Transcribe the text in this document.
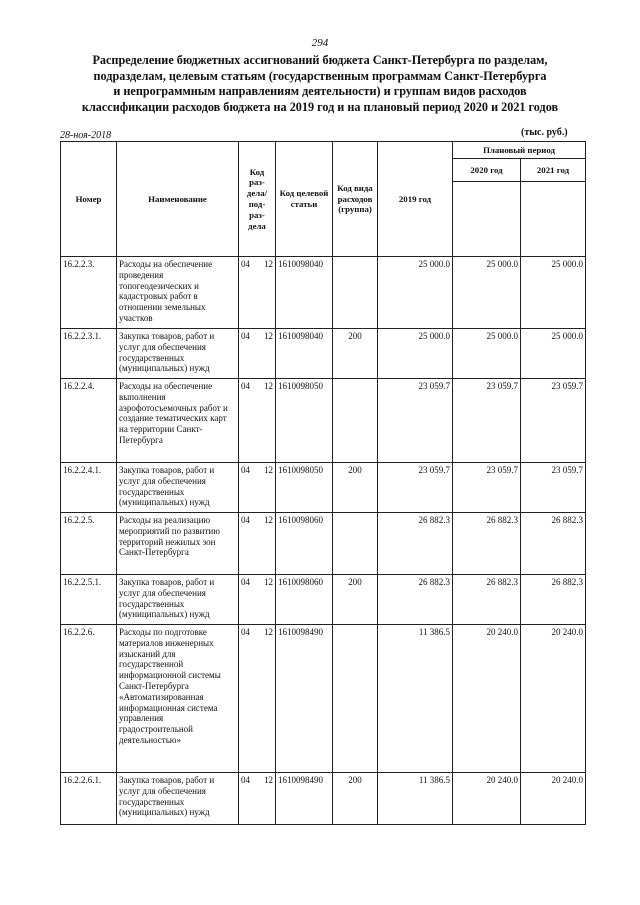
294
Распределение бюджетных ассигнований бюджета Санкт-Петербурга по разделам,
подразделам, целевым статьям (государственным программам Санкт-Петербурга
и непрограммным направлениям деятельности) и группам видов расходов
классификации расходов бюджета на 2019 год и на плановый период 2020 и 2021 годов
28-ноя-2018	(тыс. руб.)
Номер	Наименование	Код раз-дела/ под-раз-дела	Код целевой статьи	Код вида расходов (группа)	2019 год	Плановый период	
						2020 год	2021 год

16.2.2.3.	Расходы на обеспечение проведения топогеодезических и кадастровых работ в отношении земельных участков	04 12	1610098040		25 000.0	25 000.0	25 000.0
16.2.2.3.1.	Закупка товаров, работ и услуг для обеспечения государственных (муниципальных) нужд	04 12	1610098040	200	25 000.0	25 000.0	25 000.0
16.2.2.4.	Расходы на обеспечение выполнения аэрофотосъемочных работ и создание тематических карт на территории Санкт-Петербурга	04 12	1610098050		23 059.7	23 059.7	23 059.7
16.2.2.4.1.	Закупка товаров, работ и услуг для обеспечения государственных (муниципальных) нужд	04 12	1610098050	200	23 059.7	23 059.7	23 059.7
16.2.2.5.	Расходы на реализацию мероприятий по развитию территорий нежилых зон Санкт-Петербурга	04 12	1610098060		26 882.3	26 882.3	26 882.3
16.2.2.5.1.	Закупка товаров, работ и услуг для обеспечения государственных (муниципальных) нужд	04 12	1610098060	200	26 882.3	26 882.3	26 882.3
16.2.2.6.	Расходы по подготовке материалов инженерных изысканий для государственной информационной системы Санкт-Петербурга «Автоматизированная информационная система управления градостроительной деятельностью»	04 12	1610098490		11 386.5	20 240.0	20 240.0
16.2.2.6.1.	Закупка товаров, работ и услуг для обеспечения государственных (муниципальных) нужд	04 12	1610098490	200	11 386.5	20 240.0	20 240.0
